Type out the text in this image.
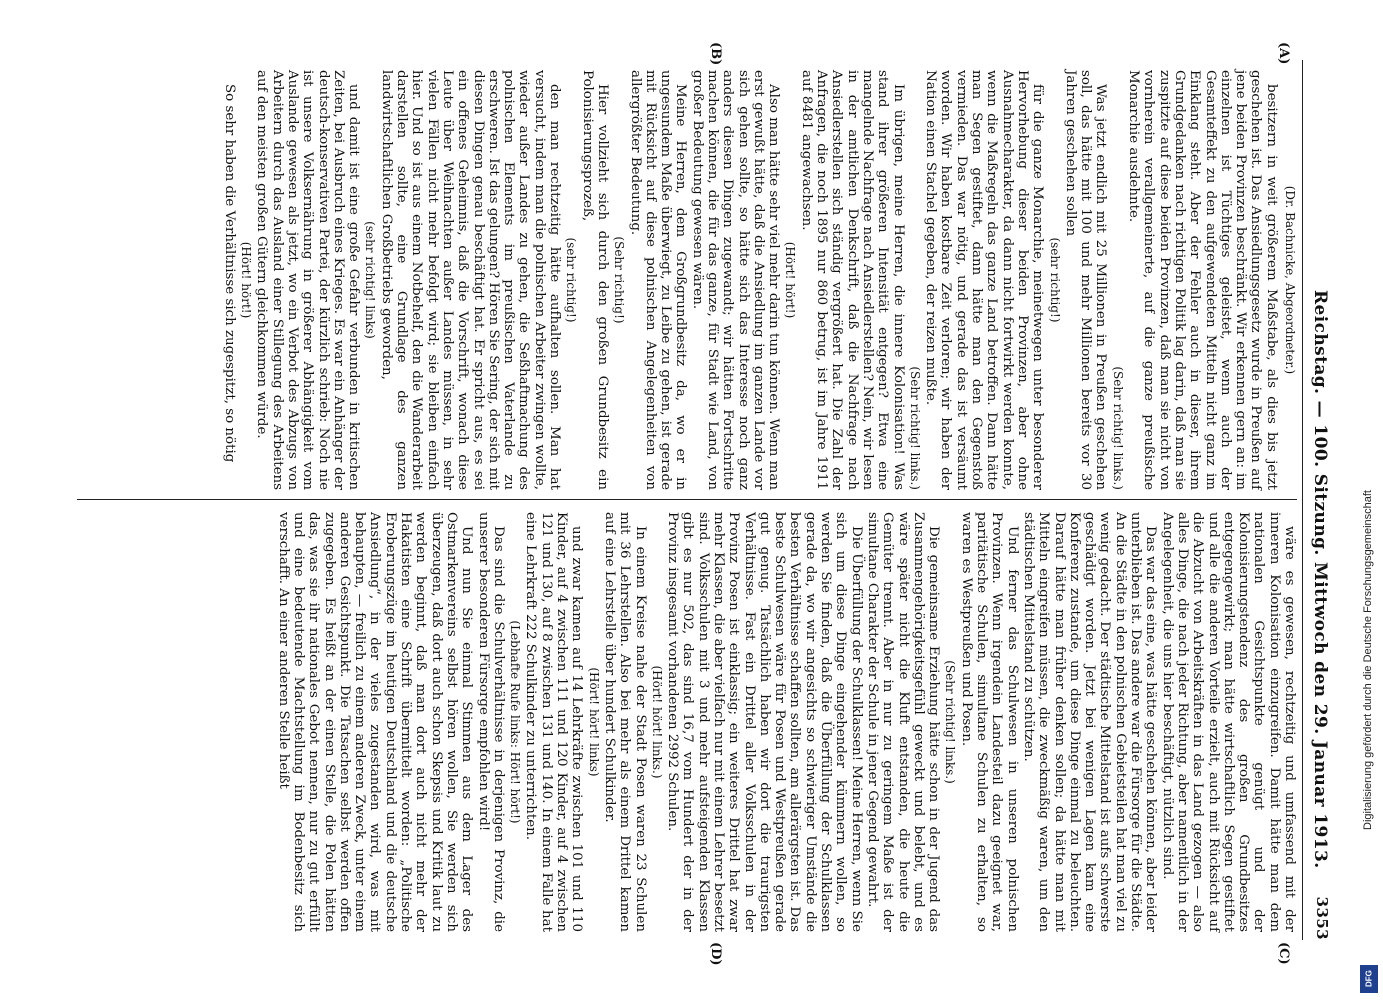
Reichstag. — 100. Sitzung. Mittwoch den 29. Januar 1913.
3353
(A)
(B)
(C)
(D)

(Dr. Bachnicke, Abgeordneter.)

besitzern in weit größerem Maßstabe, als dies bis jetzt geschehen ist. Das Ansiedlungsgesetz wurde in Preußen auf jene beiden Provinzen beschränkt. Wir erkennen gern an: im einzelnen ist Tüchtiges geleistet, wenn auch der Gesamteffekt zu den aufgewendeten Mitteln nicht ganz im Einklang steht. Aber der Fehler auch in dieser, ihrem Grundgedanken nach richtigen Politik lag darin, daß man sie zuspitzte auf diese beiden Provinzen, daß man sie nicht von vornherein verallgemeinerte, auf die ganze preußische Monarchie ausdehnte.

(Sehr richtig! links.)

Was jetzt endlich mit 25 Millionen in Preußen geschehen soll, das hätte mit 100 und mehr Millionen bereits vor 30 Jahren geschehen sollen

(sehr richtig!)

für die ganze Monarchie, meinetwegen unter besonderer Hervorhebung dieser beiden Provinzen, aber ohne Ausnahmecharakter, da dann nicht fortwirkt werden konnte, wenn die Maßregeln das ganze Land betroffen. Dann hätte man Segen gestiftet, dann hätte man den Gegenstoß vermieden. Das war nötig, und gerade das ist versäumt worden. Wir haben kostbare Zeit verloren; wir haben der Nation einen Stachel gegeben, der reizen mußte.

(Sehr richtig! links.)

Im übrigen, meine Herren, die innere Kolonisation! Was stand ihrer größeren Intensität entgegen? Etwa eine mangelnde Nachfrage nach Ansiedlerstellen? Nein, wir lesen in der amtlichen Denkschrift, daß die Nachfrage nach Ansiedlerstellen sich ständig vergrößert hat. Die Zahl der Anfragen, die noch 1895 nur 860 betrug, ist im Jahre 1911 auf 8481 angewachsen.

(Hört! hört!)

Also man hätte sehr viel mehr darin tun können. Wenn man erst gewußt hätte, daß die Ansiedlung im ganzen Lande vor sich gehen sollte, so hätte sich das Interesse noch ganz anders diesen Dingen zugewandt; wir hätten Fortschritte machen können, die für das ganze, für Stadt wie Land, von großer Bedeutung gewesen wären.

Meine Herren, dem Großgrundbesitz da, wo er in ungesundem Maße überwiegt, zu Leibe zu gehen, ist gerade mit Rücksicht auf diese polnischen Angelegenheiten von allergrößter Bedeutung.

(Sehr richtig!)

Hier vollzieht sich durch den großen Grundbesitz ein Polonisierungsprozeß,

(sehr richtig!)

den man rechtzeitig hätte aufhalten sollen. Man hat versucht, indem man die polnischen Arbeiter zwingen wollte, wieder außer Landes zu gehen, die Seßhaftmachung des polnischen Elements im preußischen Vaterlande zu erschweren. Ist das gelungen? Hören Sie Sering, der sich mit diesen Dingen genau beschäftigt hat. Er spricht aus, es sei ein offenes Geheimnis, daß die Vorschrift, wonach diese Leute über Weihnachten außer Landes müssen, in sehr vielen Fällen nicht mehr befolgt wird; sie bleiben einfach hier. Und so ist aus einem Notbehelf, den die Wanderarbeit darstellen sollte, eine Grundlage des ganzen landwirtschaftlichen Großbetriebs geworden,

(sehr richtig! links)

und damit ist eine große Gefahr verbunden in kritischen Zeiten, bei Ausbruch eines Krieges. Es war ein Anhänger der deutsch-konservativen Partei, der kürzlich schrieb: Noch nie ist unsere Volksernährung in größerer Abhängigkeit vom Auslande gewesen als jetzt, wo ein Verbot des Abzugs von Arbeitern durch das Ausland einer Stillegung des Arbeitens auf den meisten großen Gütern gleichkommen würde.

(Hört! hört!)

So sehr haben die Verhältnisse sich zugespitzt, so nötig

wäre es gewesen, rechtzeitig und umfassend mit der inneren Kolonisation einzugreifen. Damit hätte man dem nationalen Gesichtspunkte genügt und der Kolonisierungstendenz des großen Grundbesitzes entgegengewirkt; man hätte wirtschaftlich Segen gestiftet und alle die anderen Vorteile erzielt, auch mit Rücksicht auf die Abzucht von Arbeitskräften in das Land gezogen — also alles Dinge, die nach jeder Richtung, aber namentlich in der Angelegenheit, die uns hier beschäftigt, nützlich sind.

Das war das eine, was hätte geschehen können, aber leider unterblieben ist. Das andere war die Fürsorge für die Städte. An die Städte in den polnischen Gebietsteilen hat man viel zu wenig gedacht. Der städtische Mittelstand ist aufs schwerste geschädigt worden. Jetzt bei wenigen Lagen kam eine Konferenz zustande, um diese Dinge einmal zu beleuchten. Darauf hätte man früher denken sollen; da hätte man mit Mitteln eingreifen müssen, die zweckmäßig waren, um den städtischen Mittelstand zu schützen.

Und ferner das Schulwesen in unseren polnischen Provinzen. Wenn irgendein Landesteil dazu geeignet war, paritätische Schulen, simultane Schulen zu erhalten, so waren es Westpreußen und Posen.

(Sehr richtig! links.)

Die gemeinsame Erziehung hätte schon in der Jugend das Zusammengehörigkeitsgefühl geweckt und belebt, und es wäre später nicht die Kluft entstanden, die heute die Gemüter trennt. Aber in nur zu geringem Maße ist der simultane Charakter der Schule in jener Gegend gewahrt.

Die Überfüllung der Schulklassen! Meine Herren, wenn Sie sich um diese Dinge eingehender kümmern wollen, so werden Sie finden, daß die Überfüllung der Schulklassen gerade da, wo wir angesichts so schwieriger Umstände die besten Verhältnisse schaffen sollten, am allerärgsten ist. Das beste Schulwesen wäre für Posen und Westpreußen gerade gut genug. Tatsächlich haben wir dort die traurigsten Verhältnisse. Fast ein Drittel aller Volksschulen in der Provinz Posen ist einklassig; ein weiteres Drittel hat zwar mehr Klassen, die aber vielfach nur mit einem Lehrer besetzt sind. Volksschulen mit 3 und mehr aufsteigenden Klassen gibt es nur 502, das sind 16,7 vom Hundert der in der Provinz insgesamt vorhandenen 2992 Schulen.

(Hört! hört! links.)

In einem Kreise nahe der Stadt Posen waren 23 Schulen mit 36 Lehrstellen. Also bei mehr als einem Drittel kamen auf eine Lehrstelle über hundert Schulkinder.

(Hört! hört! links)

und zwar kamen auf 14 Lehrkräfte zwischen 101 und 110 Kinder, auf 4 zwischen 111 und 120 Kinder, auf 4 zwischen 121 und 130, auf 8 zwischen 131 und 140. In einem Falle hat eine Lehrkraft 222 Schulkinder zu unterrichten.

(Lebhafte Rufe links: Hört! hört!)

Das sind die Schulverhältnisse in derjenigen Provinz, die unserer besonderen Fürsorge empfohlen wird!

Und nun Sie einmal Stimmen aus dem Lager des Ostmarkenvereins selbst hören wollen, Sie werden sich überzeugen, daß dort auch schon Skepsis und Kritik laut zu werden beginnt, daß man dort auch nicht mehr der Hakatisten eine Schrift übermittelt worden: „Politische Eroberungszüge im heutigen Deutschland und die deutsche Ansiedlung“, in der vieles zugestanden wird, was mit behaupten, — freilich zu einem anderen Zweck, unter einem anderen Gesichtspunkt. Die Tatsachen selbst werden offen zugegeben. Es heißt an der einen Stelle, die Polen hätten das, was sie ihr nationales Gebot nennen, nur zu gut erfüllt und eine bedeutende Machtstellung im Bodenbesitz sich verschafft. An einer anderen Stelle heißt	Digitalisierung gefördert durch die Deutsche Forschungsgemeinschaft
DFG
